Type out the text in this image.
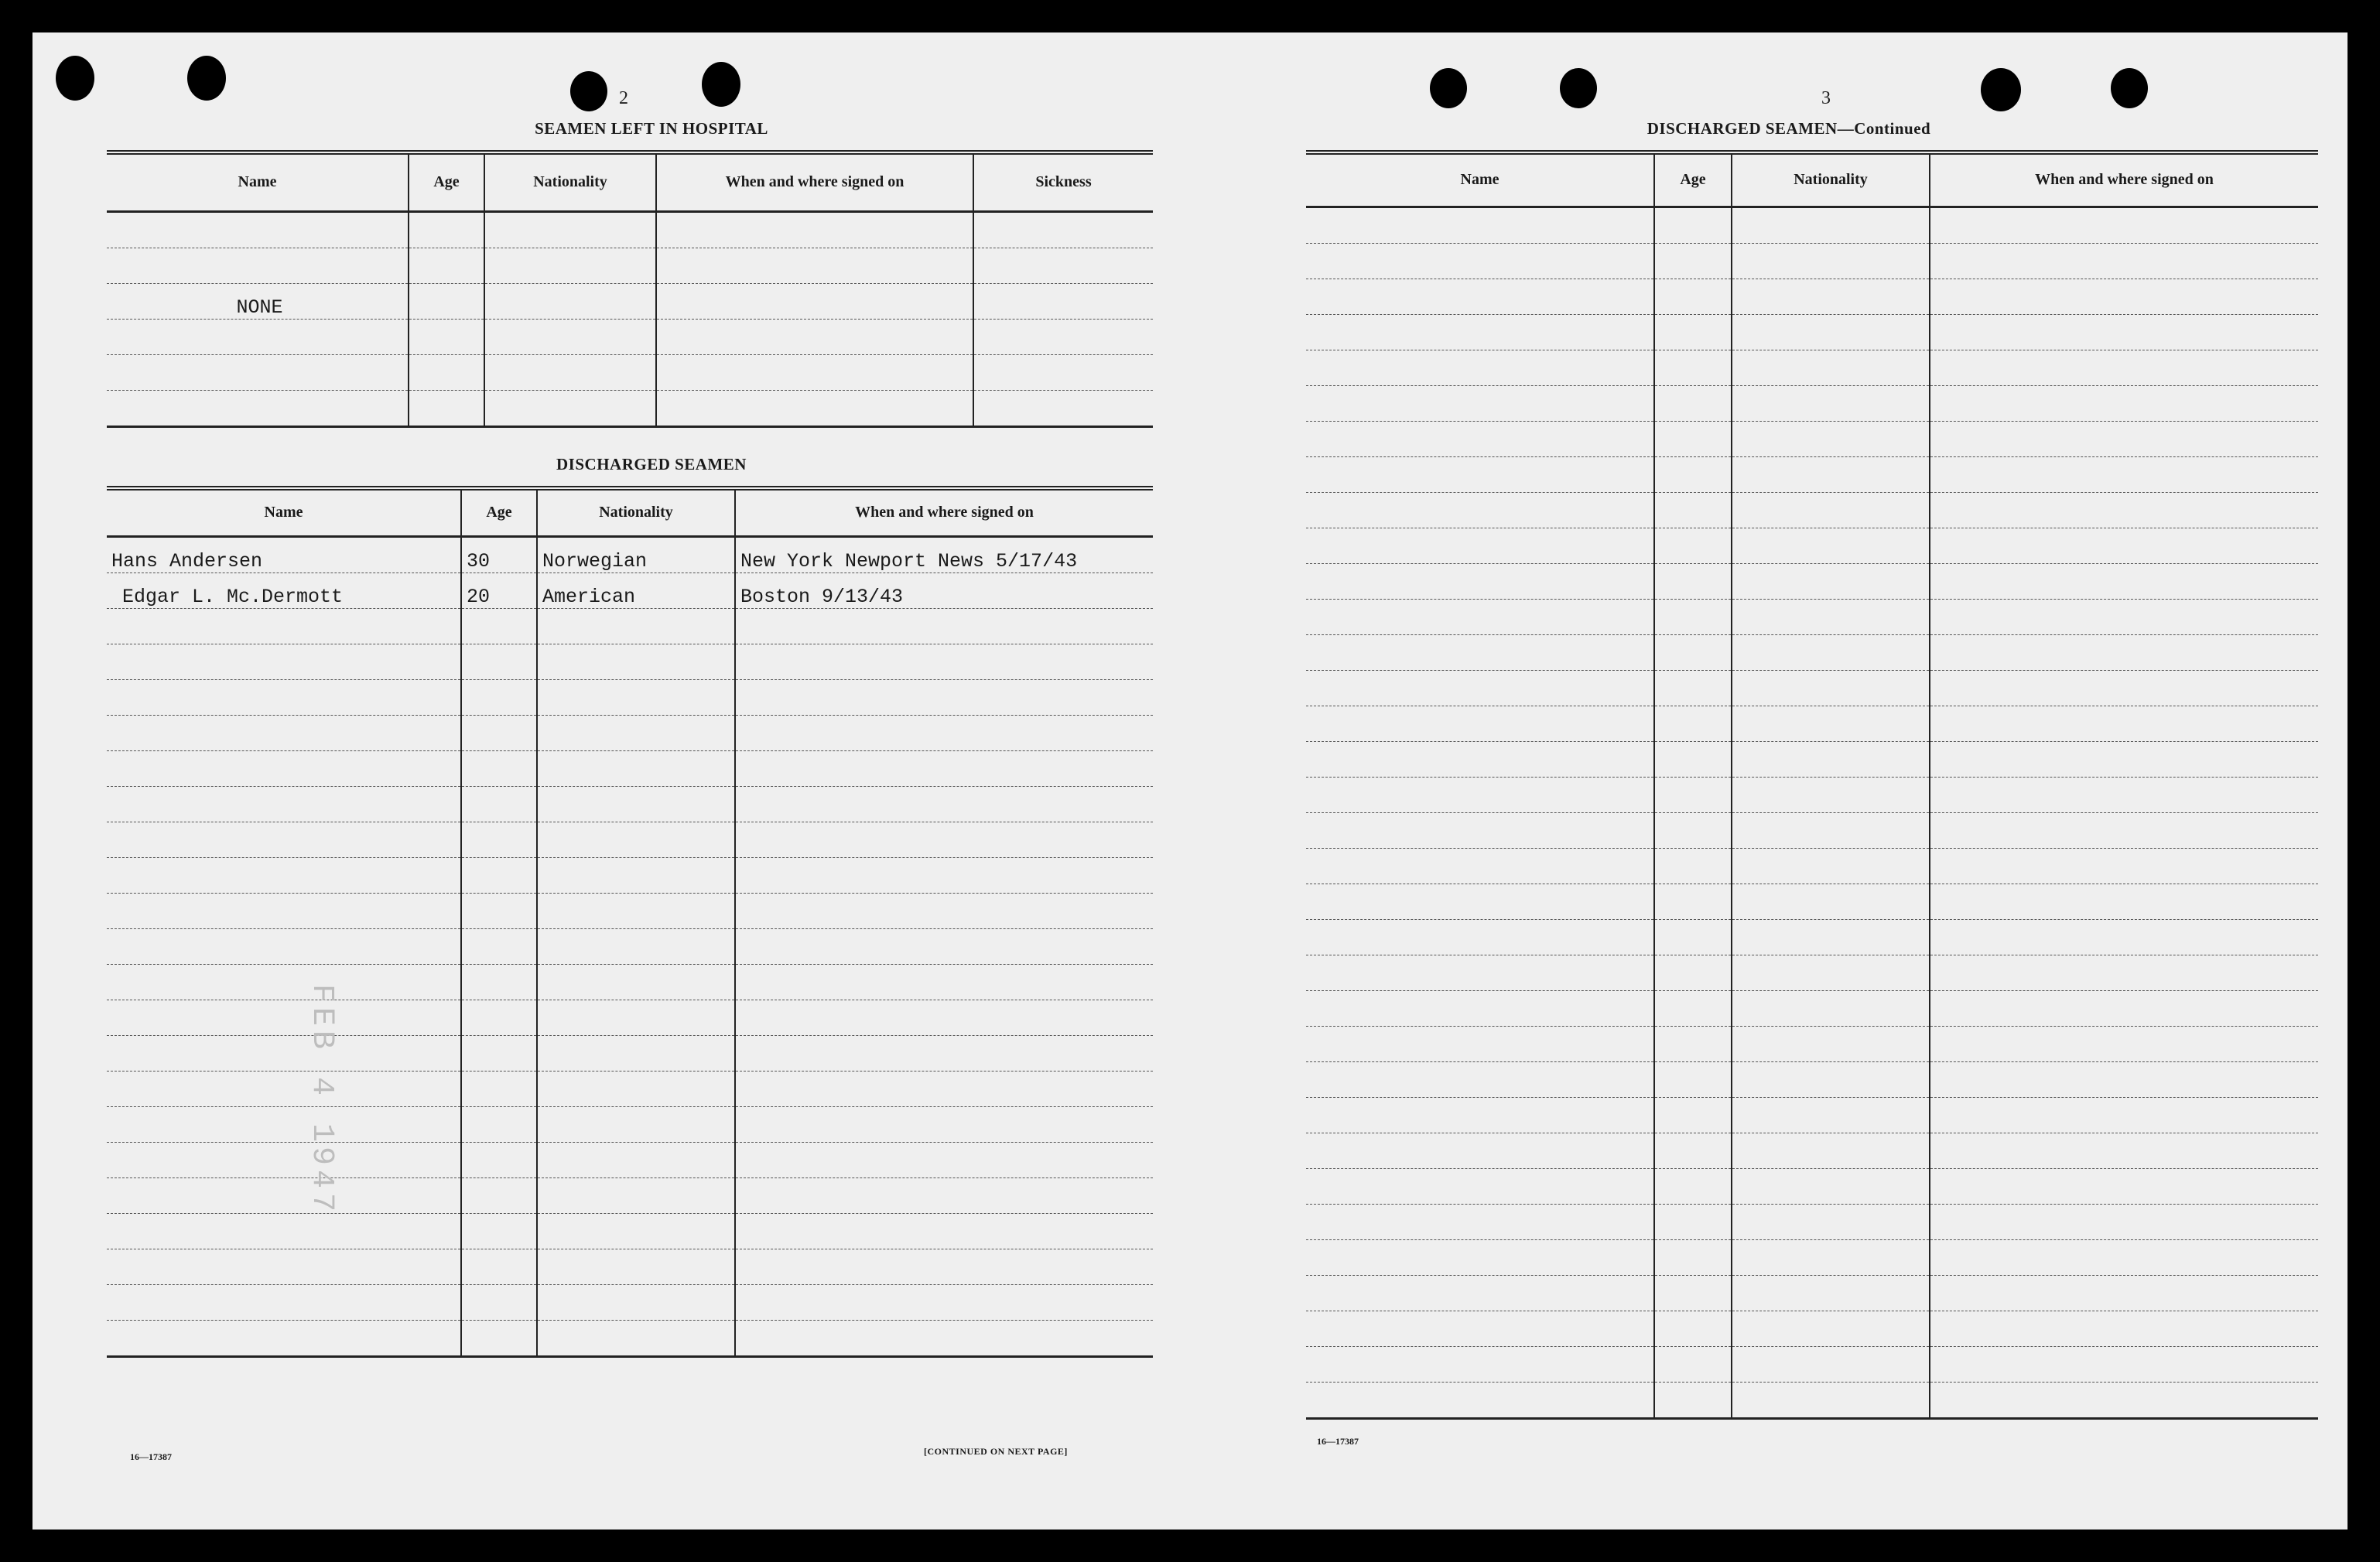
2
SEAMEN LEFT IN HOSPITAL
Name	Age	Nationality	When and where signed on	Sickness

NONE				

DISCHARGED SEAMEN
Name	Age	Nationality	When and where signed on
Hans Andersen	30	Norwegian	New York Newport News 5/17/43
Edgar L. Mc.Dermott	20	American	Boston 9/13/43

16—17387	[CONTINUED ON NEXT PAGE]
FEB 4 1947
3
DISCHARGED SEAMEN—Continued
Name	Age	Nationality	When and where signed on

16—17387
